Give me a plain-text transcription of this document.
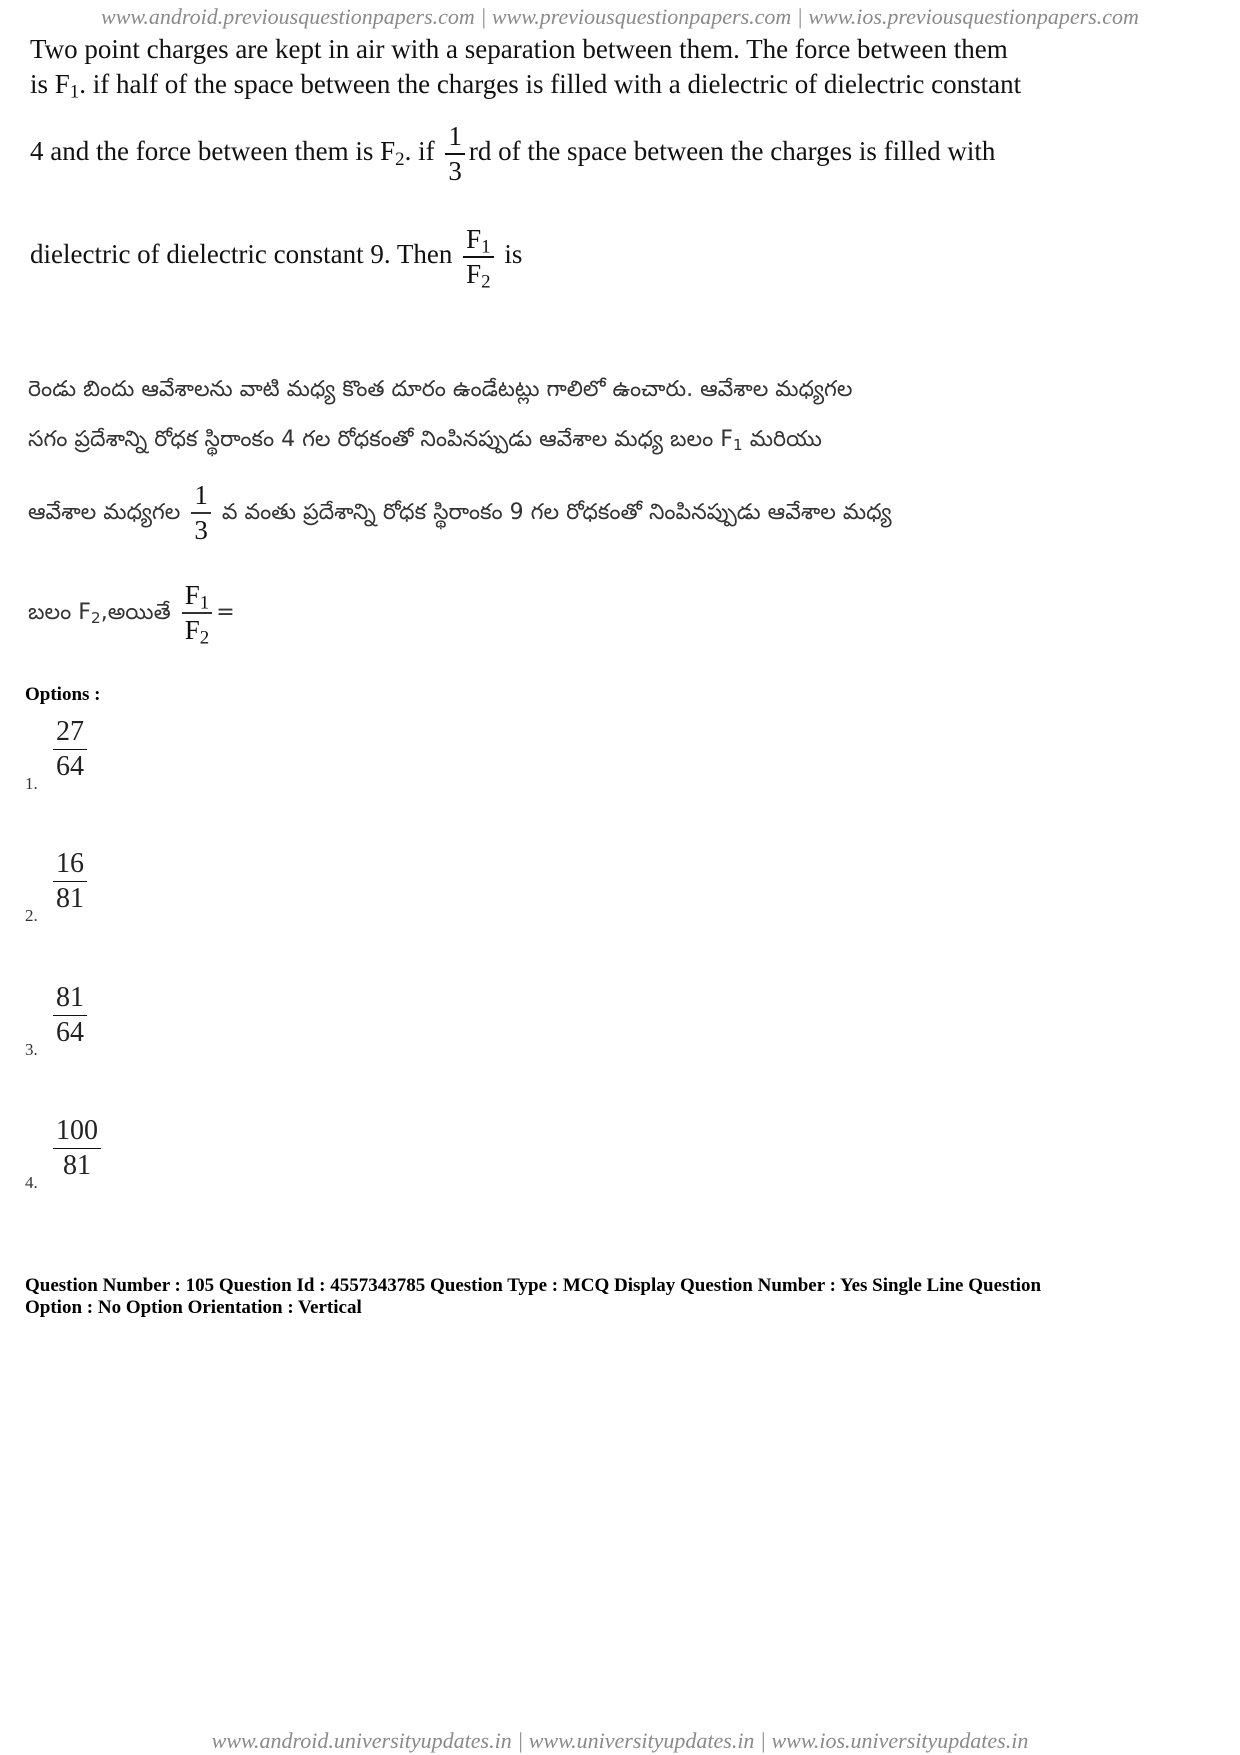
www.android.previousquestionpapers.com | www.previousquestionpapers.com | www.ios.previousquestionpapers.com
Two point charges are kept in air with a separation between them. The force between them
is $F_1$. if half of the space between the charges is filled with a dielectric of dielectric constant
4 and the force between them is $F_2$. if $\frac{1}{3}$ rd of the space between the charges is filled with
dielectric of dielectric constant 9. Then $\frac{F_1}{F_2}$ is
రెండు బిందు ఆవేశాలను వాటి మధ్య కొంత దూరం ఉండేటట్లు గాలిలో ఉంచారు. ఆవేశాల మధ్యగల
సగం ప్రదేశాన్ని రోధక స్థిరాంకం 4 గల రోధకంతో నింపినప్పుడు ఆవేశాల మధ్య బలం $F_1$ మరియు
ఆవేశాల మధ్యగల $\frac{1}{3}$ వ వంతు ప్రదేశాన్ని రోధక స్థిరాంకం 9 గల రోధకంతో నింపినప్పుడు ఆవేశాల మధ్య
బలం $F_2,అయితే \frac{F_1}{F_2}$ =
Options :
1.
$\frac{27}{64}$
2.
$\frac{16}{81}$
3.
$\frac{81}{64}$
4.
$\frac{100}{81}$
Question Number : 105 Question Id : 4557343785 Question Type : MCQ Display Question Number : Yes Single Line Question
Option : No Option Orientation : Vertical
www.android.universityupdates.in | www.universityupdates.in | www.ios.universityupdates.in
